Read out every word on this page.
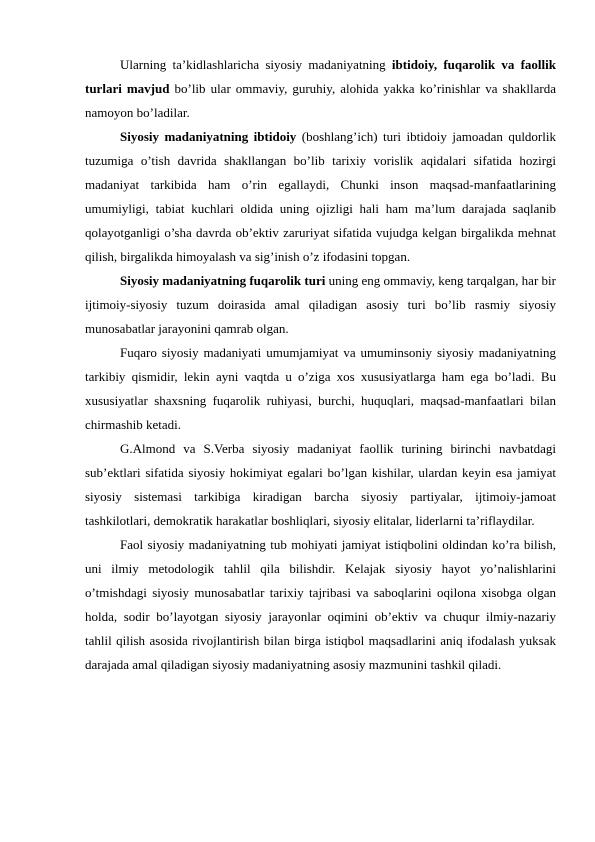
Ularning ta’kidlashlaricha siyosiy madaniyatning ibtidoiy, fuqarolik va faollik turlari mavjud bo’lib ular ommaviy, guruhiy, alohida yakka ko’rinishlar va shakllarda namoyon bo’ladilar.

Siyosiy madaniyatning ibtidoiy (boshlang’ich) turi ibtidoiy jamoadan quldorlik tuzumiga o’tish davrida shakllangan bo’lib tarixiy vorislik aqidalari sifatida hozirgi madaniyat tarkibida ham o’rin egallaydi, Chunki inson maqsad-manfaatlarining umumiyligi, tabiat kuchlari oldida uning ojizligi hali ham ma’lum darajada saqlanib qolayotganligi o’sha davrda ob’ektiv zaruriyat sifatida vujudga kelgan birgalikda mehnat qilish, birgalikda himoyalash va sig’inish o’z ifodasini topgan.

Siyosiy madaniyatning fuqarolik turi uning eng ommaviy, keng tarqalgan, har bir ijtimoiy-siyosiy tuzum doirasida amal qiladigan asosiy turi bo’lib rasmiy siyosiy munosabatlar jarayonini qamrab olgan.

Fuqaro siyosiy madaniyati umumjamiyat va umuminsoniy siyosiy madaniyatning tarkibiy qismidir, lekin ayni vaqtda u o’ziga xos xususiyatlarga ham ega bo’ladi. Bu xususiyatlar shaxsning fuqarolik ruhiyasi, burchi, huquqlari, maqsad-manfaatlari bilan chirmashib ketadi.

G.Almond va S.Verba siyosiy madaniyat faollik turining birinchi navbatdagi sub’ektlari sifatida siyosiy hokimiyat egalari bo’lgan kishilar, ulardan keyin esa jamiyat siyosiy sistemasi tarkibiga kiradigan barcha siyosiy partiyalar, ijtimoiy-jamoat tashkilotlari, demokratik harakatlar boshliqlari, siyosiy elitalar, liderlarni ta’riflaydilar.

Faol siyosiy madaniyatning tub mohiyati jamiyat istiqbolini oldindan ko’ra bilish, uni ilmiy metodologik tahlil qila bilishdir. Kelajak siyosiy hayot yo’nalishlarini o’tmishdagi siyosiy munosabatlar tarixiy tajribasi va saboqlarini oqilona xisobga olgan holda, sodir bo’layotgan siyosiy jarayonlar oqimini ob’ektiv va chuqur ilmiy-nazariy tahlil qilish asosida rivojlantirish bilan birga istiqbol maqsadlarini aniq ifodalash yuksak darajada amal qiladigan siyosiy madaniyatning asosiy mazmunini tashkil qiladi.
